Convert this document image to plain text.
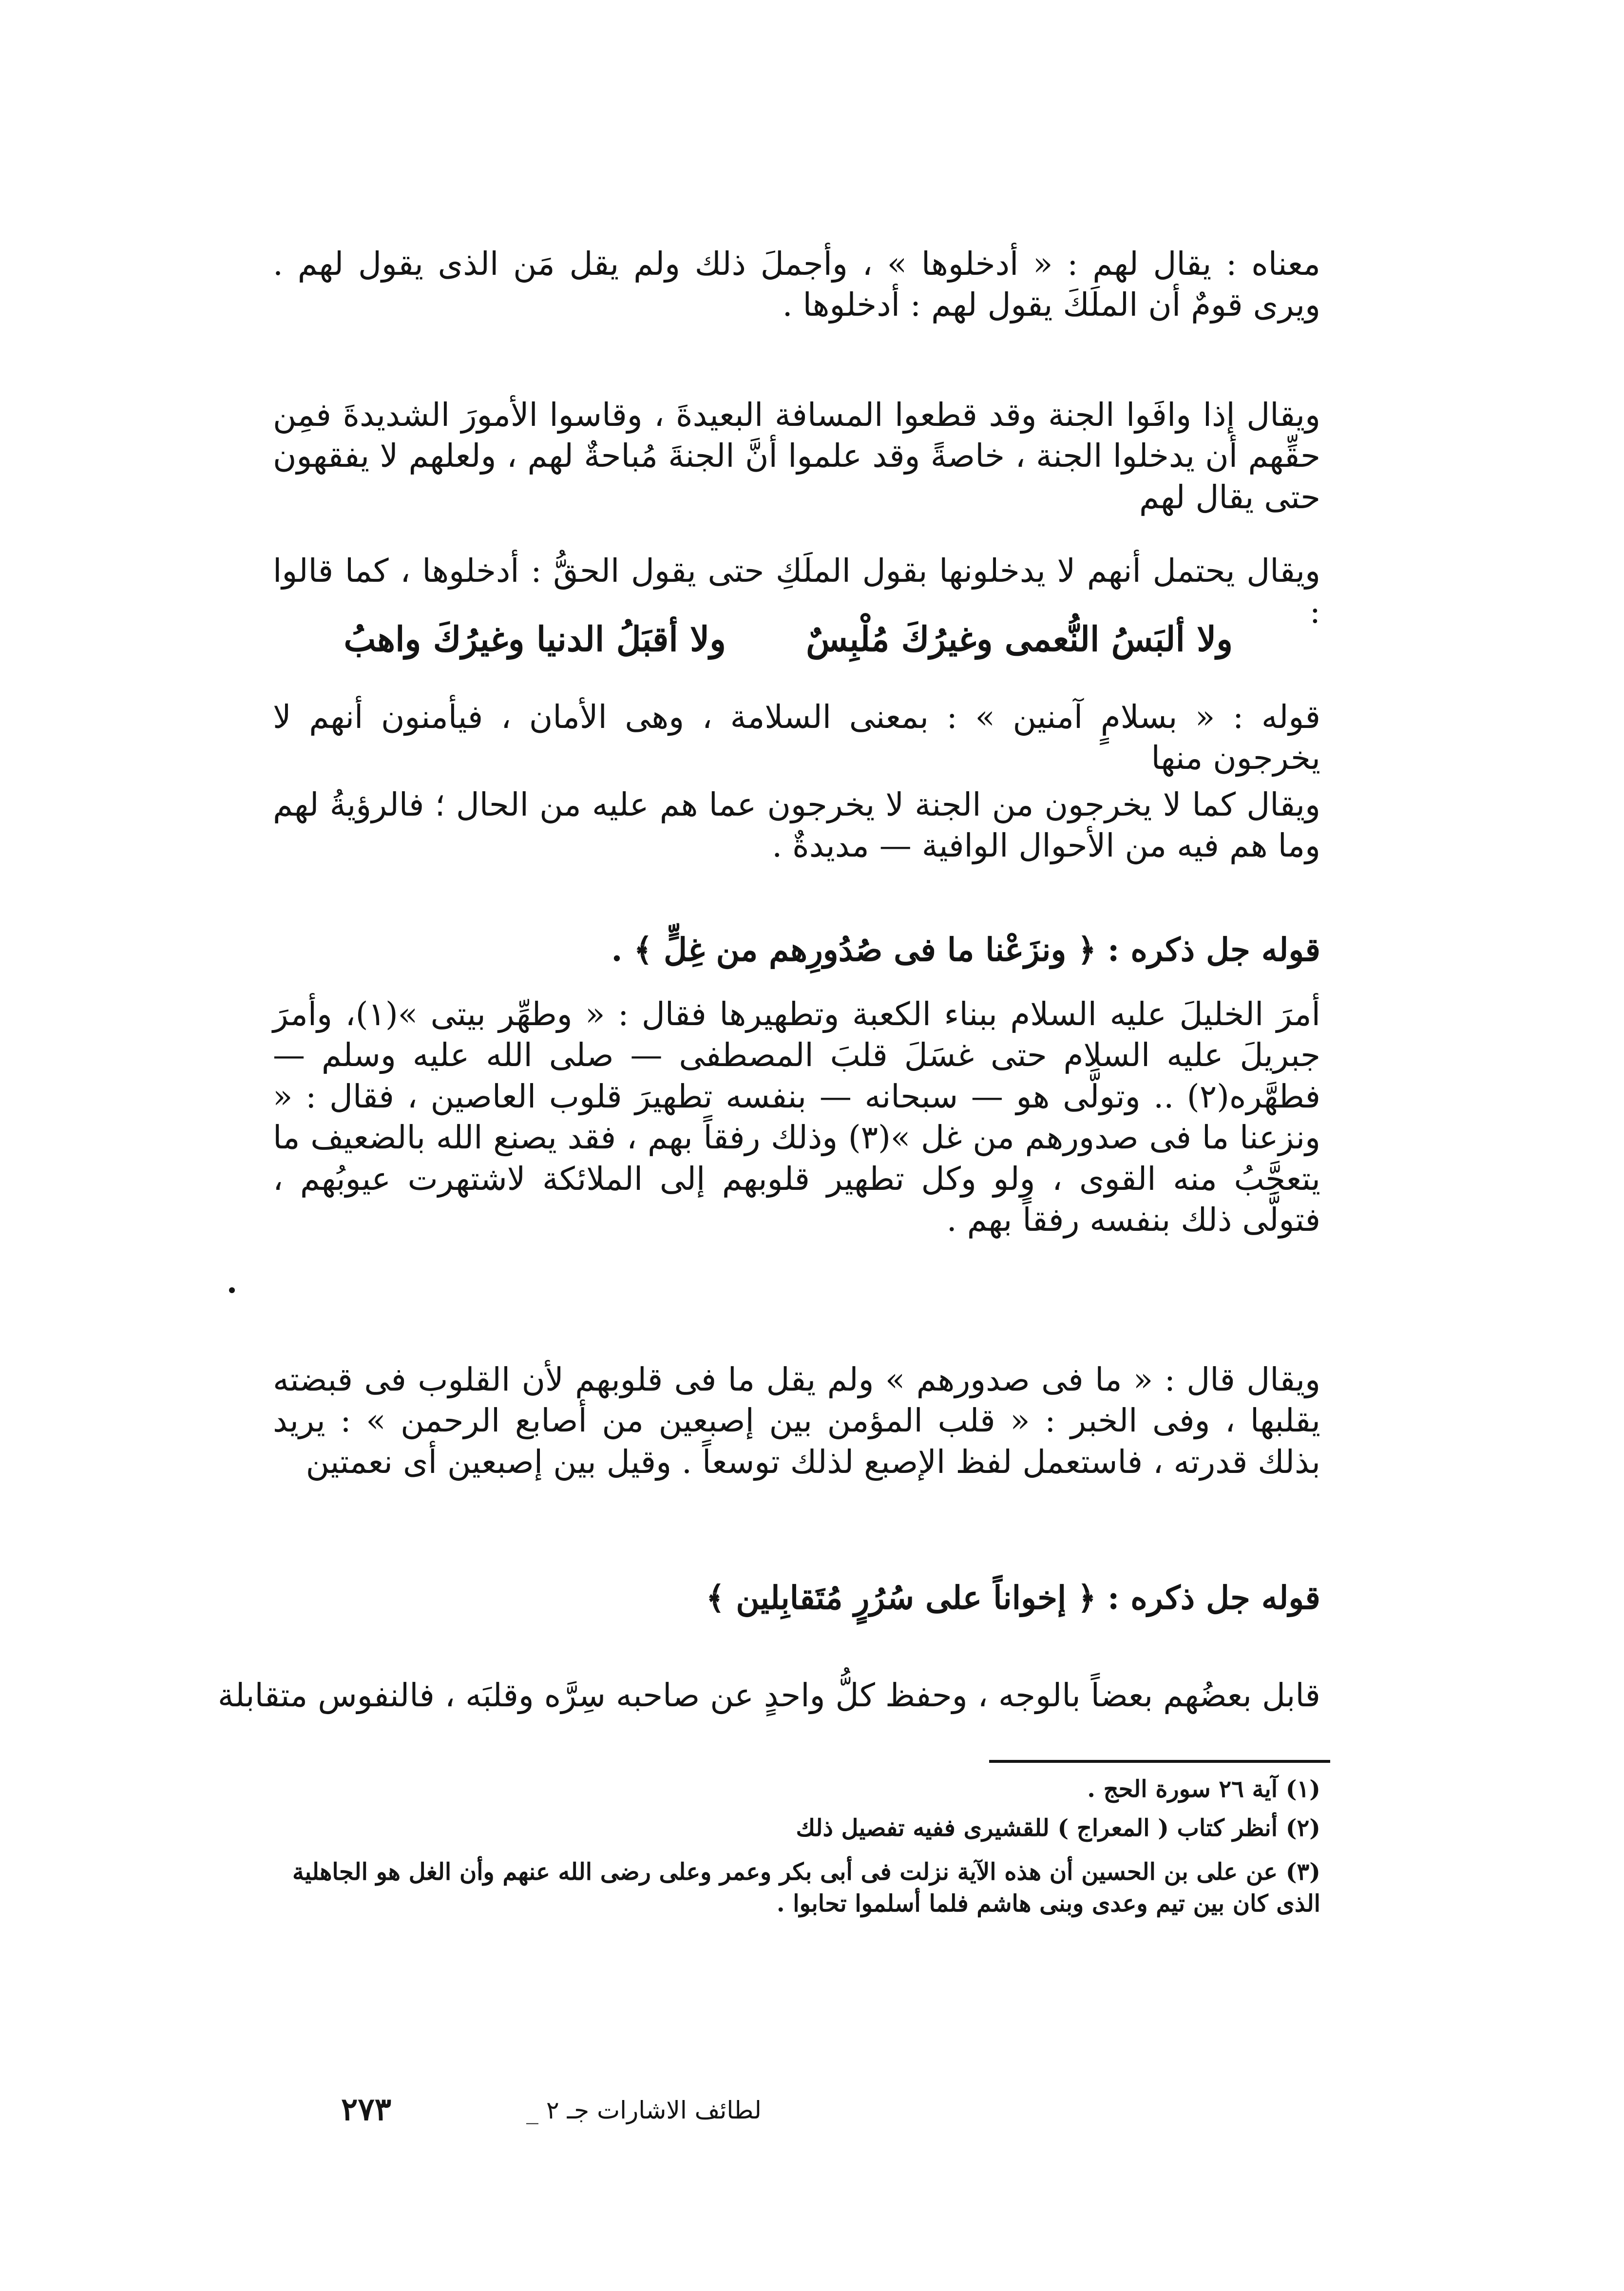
معناه : يقال لهم : « أدخلوها » ، وأجملَ ذلك ولم يقل مَن الذى يقول لهم . ويرى قومٌ أن الملَكَ يقول لهم : أدخلوها .
ويقال إذا وافَوا الجنة وقد قطعوا المسافة البعيدةَ ، وقاسوا الأمورَ الشديدةَ فمِن حقِّهم أن يدخلوا الجنة ، خاصةً وقد علموا أنَّ الجنةَ مُباحةٌ لهم ، ولعلهم لا يفقهون حتى يقال لهم
ويقال يحتمل أنهم لا يدخلونها بقول الملَكِ حتى يقول الحقُّ : أدخلوها ، كما قالوا :
ولا ألبَسُ النُّعمى وغيرُكَ مُلْبِسٌ ولا أقبَلُ الدنيا وغيرُكَ واهبُ
قوله : « بسلامٍ آمنين » : بمعنى السلامة ، وهى الأمان ، فيأمنون أنهم لا يخرجون منها
ويقال كما لا يخرجون من الجنة لا يخرجون عما هم عليه من الحال ؛ فالرؤيةُ لهم وما هم فيه من الأحوال الوافية — مديدةٌ .
قوله جل ذكره : ﴿ ونزَعْنا ما فى صُدُورِهم من غِلٍّ ﴾ .
أمرَ الخليلَ عليه السلام ببناء الكعبة وتطهيرها فقال : « وطهِّر بيتى »(١)، وأمرَ جبريلَ عليه السلام حتى غسَلَ قلبَ المصطفى — صلى الله عليه وسلم — فطهَّره(٢) .. وتولَّى هو — سبحانه — بنفسه تطهيرَ قلوب العاصين ، فقال : « ونزعنا ما فى صدورهم من غل »(٣) وذلك رفقاً بهم ، فقد يصنع الله بالضعيف ما يتعجَّبُ منه القوى ، ولو وكل تطهير قلوبهم إلى الملائكة لاشتهرت عيوبُهم ، فتولَّى ذلك بنفسه رفقاً بهم .
ويقال قال : « ما فى صدورهم » ولم يقل ما فى قلوبهم لأن القلوب فى قبضته يقلبها ، وفى الخبر : « قلب المؤمن بين إصبعين من أصابع الرحمن » : يريد بذلك قدرته ، فاستعمل لفظ الإصبع لذلك توسعاً . وقيل بين إصبعين أى نعمتين
قوله جل ذكره : ﴿ إخواناً على سُرُرٍ مُتَقابِلين ﴾
قابل بعضُهم بعضاً بالوجه ، وحفظ كلُّ واحدٍ عن صاحبه سِرَّه وقلبَه ، فالنفوس متقابلة
(١) آية ٢٦ سورة الحج .
(٢) أنظر كتاب ( المعراج ) للقشيرى ففيه تفصيل ذلك
(٣) عن على بن الحسين أن هذه الآية نزلت فى أبى بكر وعمر وعلى رضى الله عنهم وأن الغل هو الجاهلية الذى كان بين تيم وعدى وبنى هاشم فلما أسلموا تحابوا .
لطائف الاشارات جـ ٢ _
٢٧٣
